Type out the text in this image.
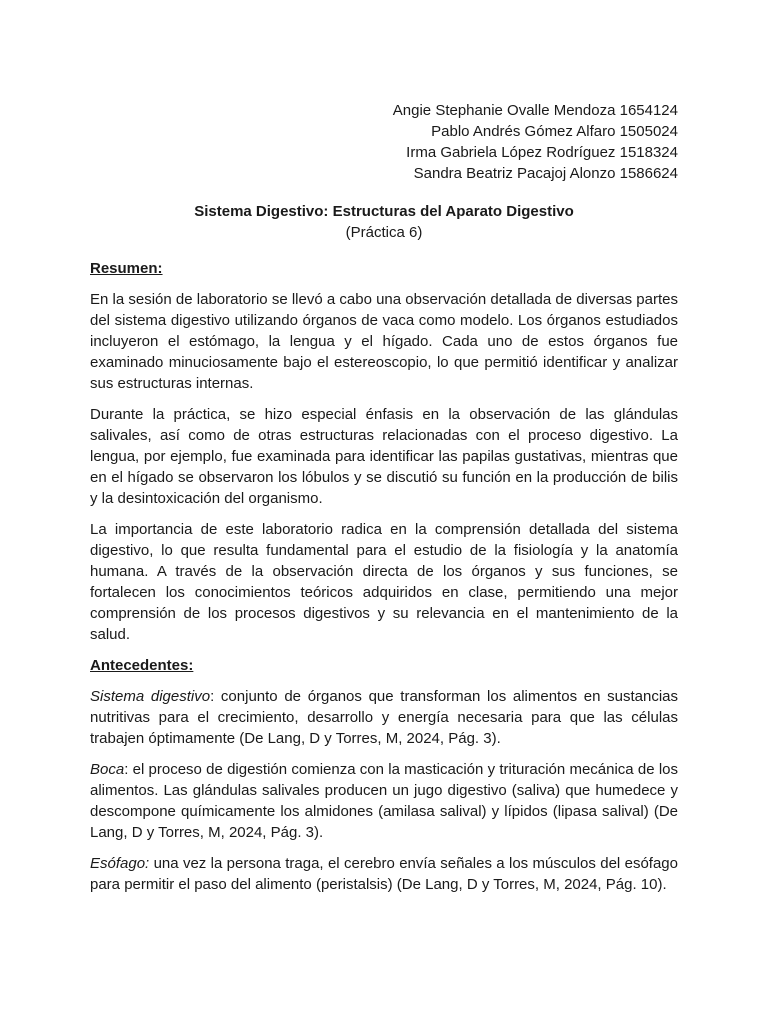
Angie Stephanie Ovalle Mendoza 1654124
Pablo Andrés Gómez Alfaro 1505024
Irma Gabriela López Rodríguez 1518324
Sandra Beatriz Pacajoj Alonzo 1586624
Sistema Digestivo: Estructuras del Aparato Digestivo
(Práctica 6)
Resumen:

En la sesión de laboratorio se llevó a cabo una observación detallada de diversas partes del sistema digestivo utilizando órganos de vaca como modelo. Los órganos estudiados incluyeron el estómago, la lengua y el hígado. Cada uno de estos órganos fue examinado minuciosamente bajo el estereoscopio, lo que permitió identificar y analizar sus estructuras internas.

Durante la práctica, se hizo especial énfasis en la observación de las glándulas salivales, así como de otras estructuras relacionadas con el proceso digestivo. La lengua, por ejemplo, fue examinada para identificar las papilas gustativas, mientras que en el hígado se observaron los lóbulos y se discutió su función en la producción de bilis y la desintoxicación del organismo.

La importancia de este laboratorio radica en la comprensión detallada del sistema digestivo, lo que resulta fundamental para el estudio de la fisiología y la anatomía humana. A través de la observación directa de los órganos y sus funciones, se fortalecen los conocimientos teóricos adquiridos en clase, permitiendo una mejor comprensión de los procesos digestivos y su relevancia en el mantenimiento de la salud.

Antecedentes:

Sistema digestivo: conjunto de órganos que transforman los alimentos en sustancias nutritivas para el crecimiento, desarrollo y energía necesaria para que las células trabajen óptimamente (De Lang, D y Torres, M, 2024, Pág. 3).

Boca: el proceso de digestión comienza con la masticación y trituración mecánica de los alimentos. Las glándulas salivales producen un jugo digestivo (saliva) que humedece y descompone químicamente los almidones (amilasa salival) y lípidos (lipasa salival) (De Lang, D y Torres, M, 2024, Pág. 3).

Esófago: una vez la persona traga, el cerebro envía señales a los músculos del esófago para permitir el paso del alimento (peristalsis) (De Lang, D y Torres, M, 2024, Pág. 10).
